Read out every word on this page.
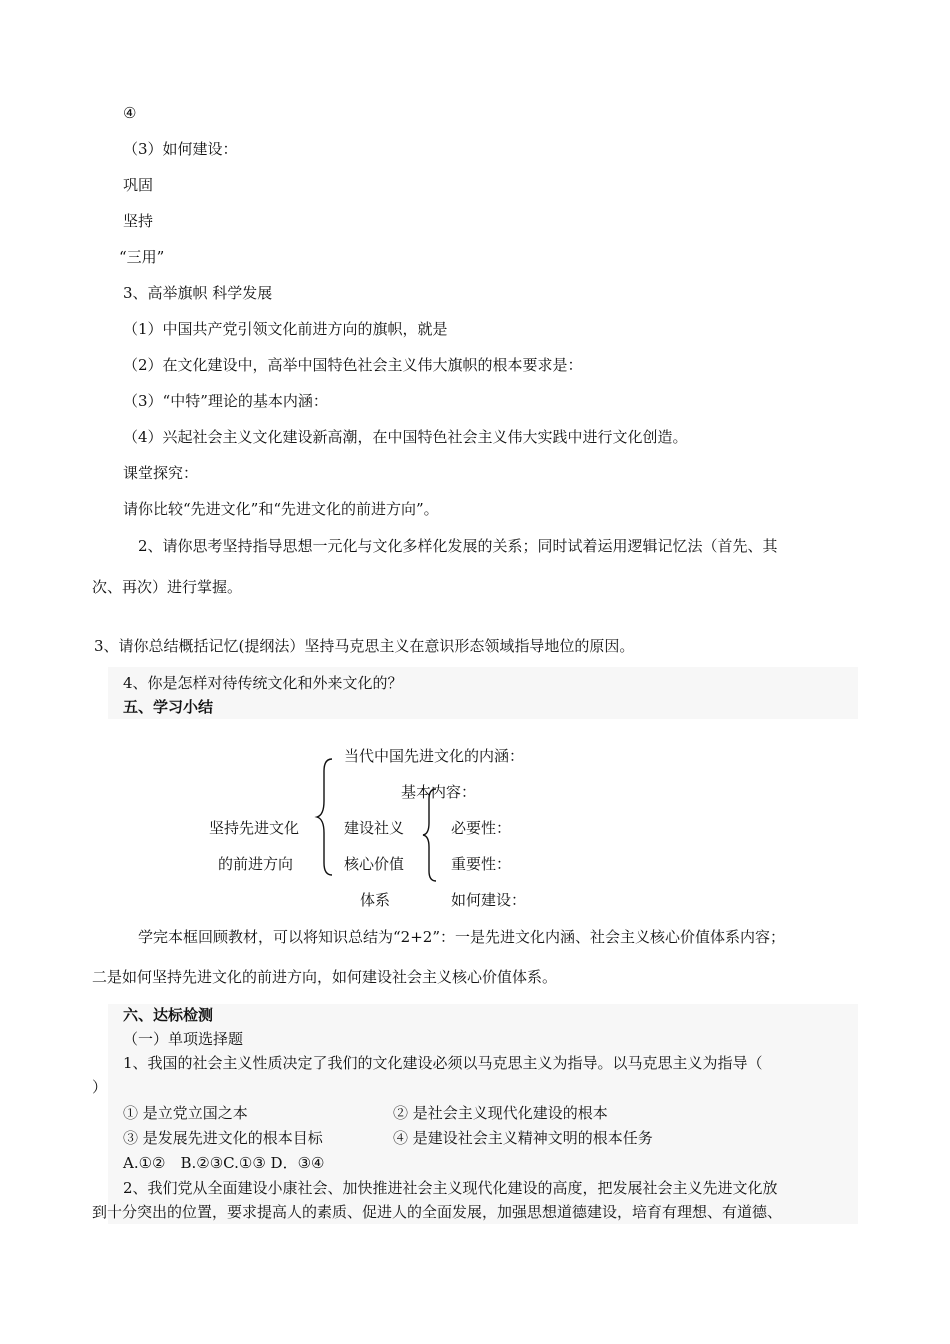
④
（3）如何建设：
巩固
坚持
“三用”
3、高举旗帜 科学发展
（1）中国共产党引领文化前进方向的旗帜，就是
（2）在文化建设中，高举中国特色社会主义伟大旗帜的根本要求是：
（3）“中特”理论的基本内涵：
（4）兴起社会主义文化建设新高潮，在中国特色社会主义伟大实践中进行文化创造。
课堂探究：
请你比较“先进文化”和“先进文化的前进方向”。
2、请你思考坚持指导思想一元化与文化多样化发展的关系；同时试着运用逻辑记忆法（首先、其
次、再次）进行掌握。
3、请你总结概括记忆(提纲法）坚持马克思主义在意识形态领域指导地位的原因。
4、你是怎样对待传统文化和外来文化的？
五、学习小结
当代中国先进文化的内涵：
基本内容：
坚持先进文化	建设社义	必要性：
的前进方向	核心价值	重要性：
体系	如何建设：
学完本框回顾教材，可以将知识总结为“2+2”：一是先进文化内涵、社会主义核心价值体系内容；
二是如何坚持先进文化的前进方向，如何建设社会主义核心价值体系。
六、达标检测
（一）单项选择题
1、我国的社会主义性质决定了我们的文化建设必须以马克思主义为指导。以马克思主义为指导（
）
① 是立党立国之本	② 是社会主义现代化建设的根本
③ 是发展先进文化的根本目标	④ 是建设社会主义精神文明的根本任务
A.①②　B.②③C.①③ D．③④
2、我们党从全面建设小康社会、加快推进社会主义现代化建设的高度，把发展社会主义先进文化放
到十分突出的位置，要求提高人的素质、促进人的全面发展，加强思想道德建设，培育有理想、有道德、
